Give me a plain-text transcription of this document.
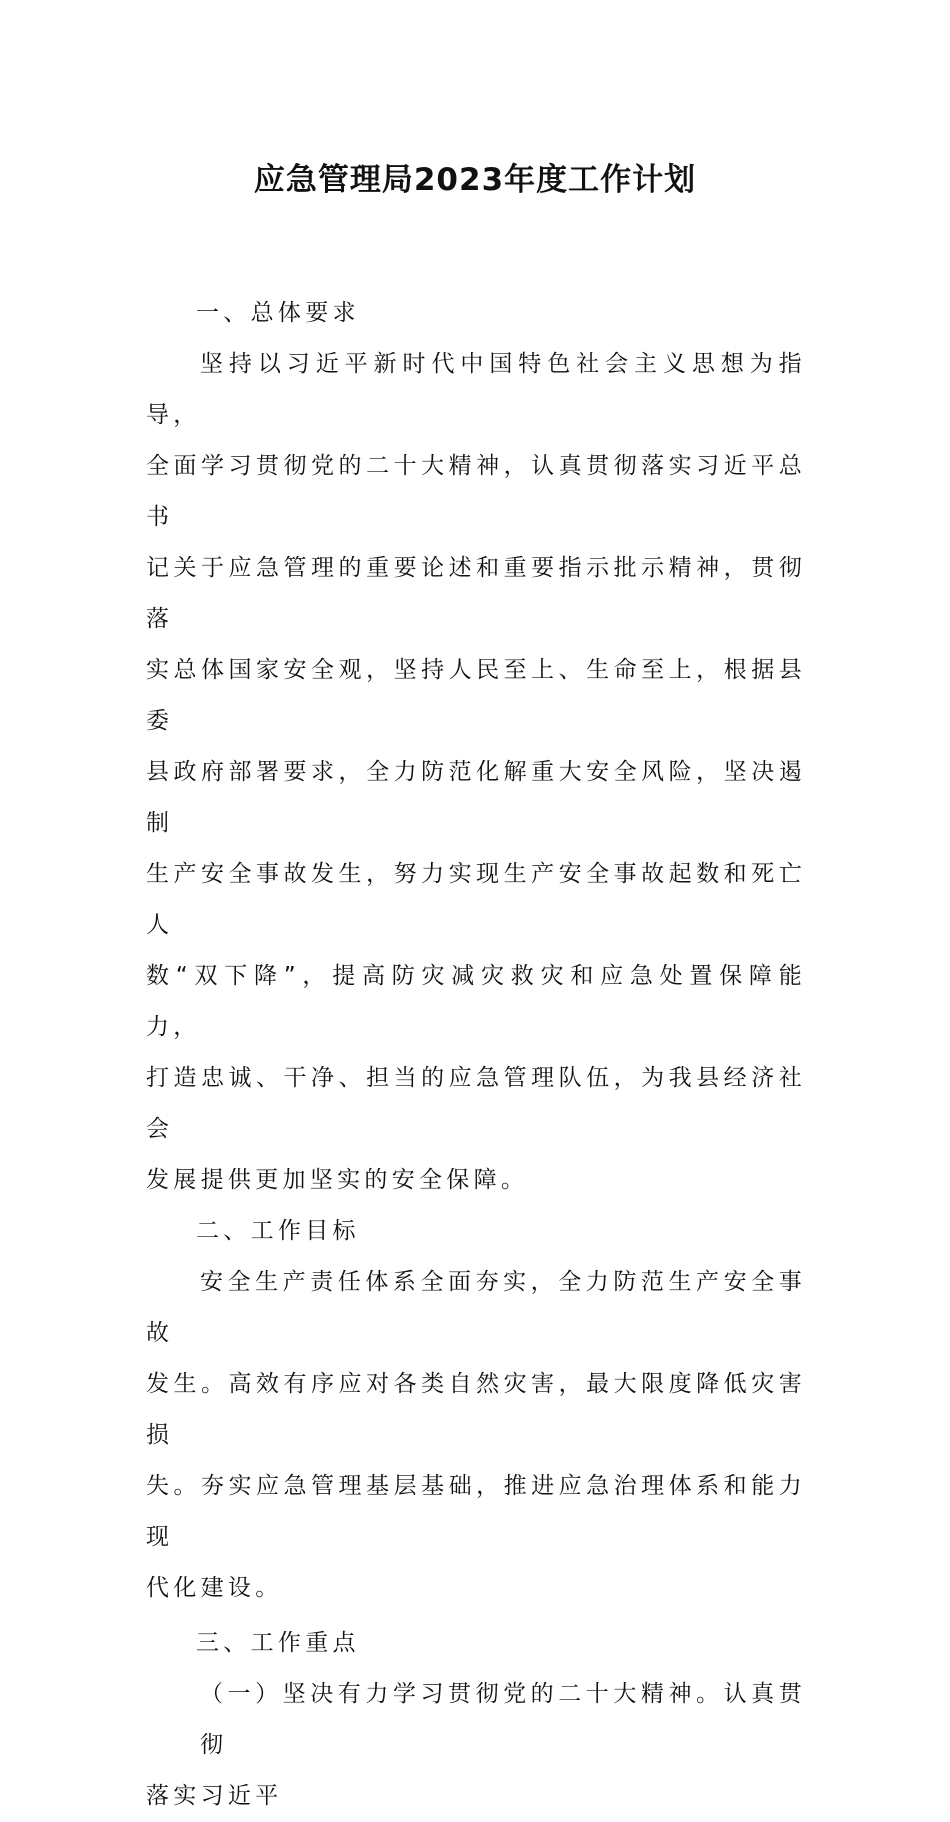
应急管理局2023年度工作计划

一、总体要求

坚持以习近平新时代中国特色社会主义思想为指导，
全面学习贯彻党的二十大精神，认真贯彻落实习近平总书
记关于应急管理的重要论述和重要指示批示精神，贯彻落
实总体国家安全观，坚持人民至上、生命至上，根据县委
县政府部署要求，全力防范化解重大安全风险，坚决遏制
生产安全事故发生，努力实现生产安全事故起数和死亡人
数“双下降”，提高防灾减灾救灾和应急处置保障能力，
打造忠诚、干净、担当的应急管理队伍，为我县经济社会
发展提供更加坚实的安全保障。

二、工作目标

安全生产责任体系全面夯实，全力防范生产安全事故
发生。高效有序应对各类自然灾害，最大限度降低灾害损
失。夯实应急管理基层基础，推进应急治理体系和能力现
代化建设。

三、工作重点

（一）坚决有力学习贯彻党的二十大精神。认真贯彻
落实习近平
